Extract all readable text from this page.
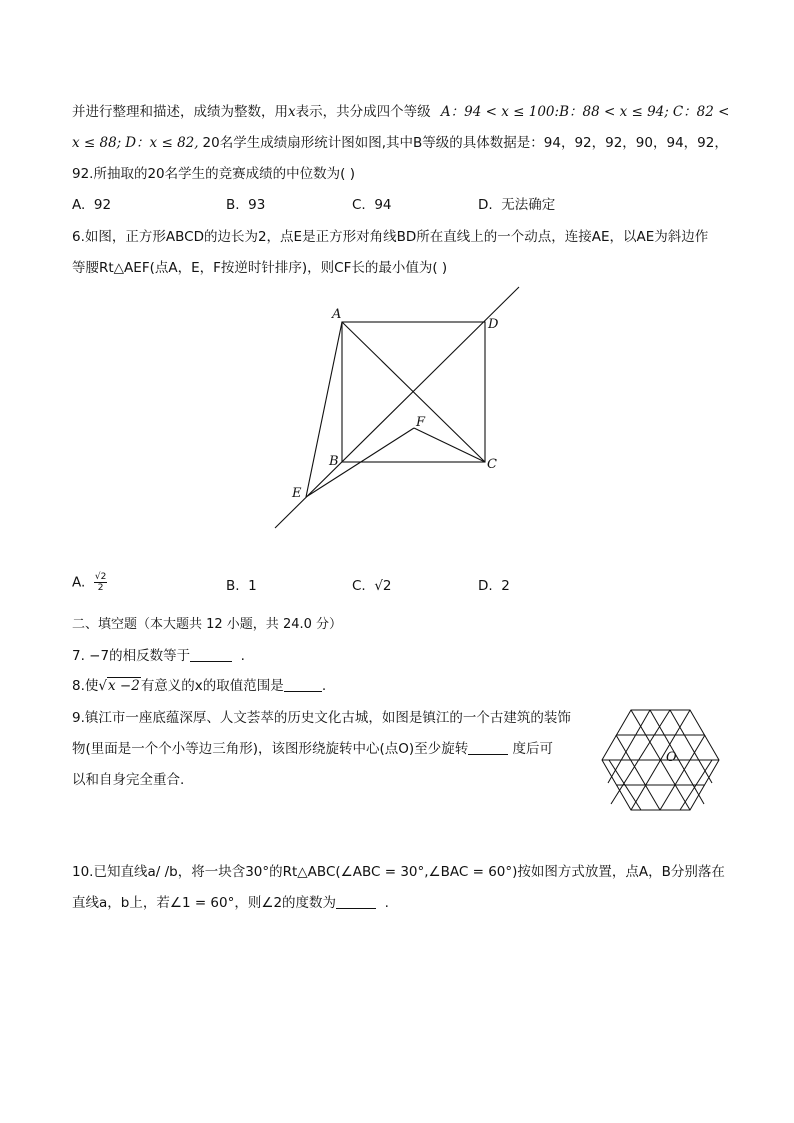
并进行整理和描述，成绩为整数，用x表示，共分成四个等级 A：94 < x ≤ 100:B：88 < x ≤ 94; C：82 <
x ≤ 88; D：x ≤ 82, 20名学生成绩扇形统计图如图,其中B等级的具体数据是：94，92，92，90，94，92，
92.所抽取的20名学生的竞赛成绩的中位数为( )
A. 92	B. 93	C. 94	D. 无法确定
6.如图，正方形ABCD的边长为2，点E是正方形对角线BD所在直线上的一个动点，连接AE，以AE为斜边作
等腰Rt△AEF(点A，E，F按逆时针排序)，则CF长的最小值为( )
A
D
B	C
E
F
A. $\frac{√2}{2}$	B. 1	C. √2	D. 2
二、填空题（本大题共 12 小题，共 24.0 分）
7. −7的相反数等于	.
8.使√x −2有意义的x的取值范围是	.
9.镇江市一座底蕴深厚、人文荟萃的历史文化古城，如图是镇江的一个古建筑的装饰
物(里面是一个个小等边三角形)，该图形绕旋转中心(点O)至少旋转	度后可
以和自身完全重合.
O
10.已知直线a/ /b，将一块含30°的Rt△ABC(∠ABC = 30°,∠BAC = 60°)按如图方式放置，点A，B分别落在
直线a，b上，若∠1 = 60°，则∠2的度数为	.
